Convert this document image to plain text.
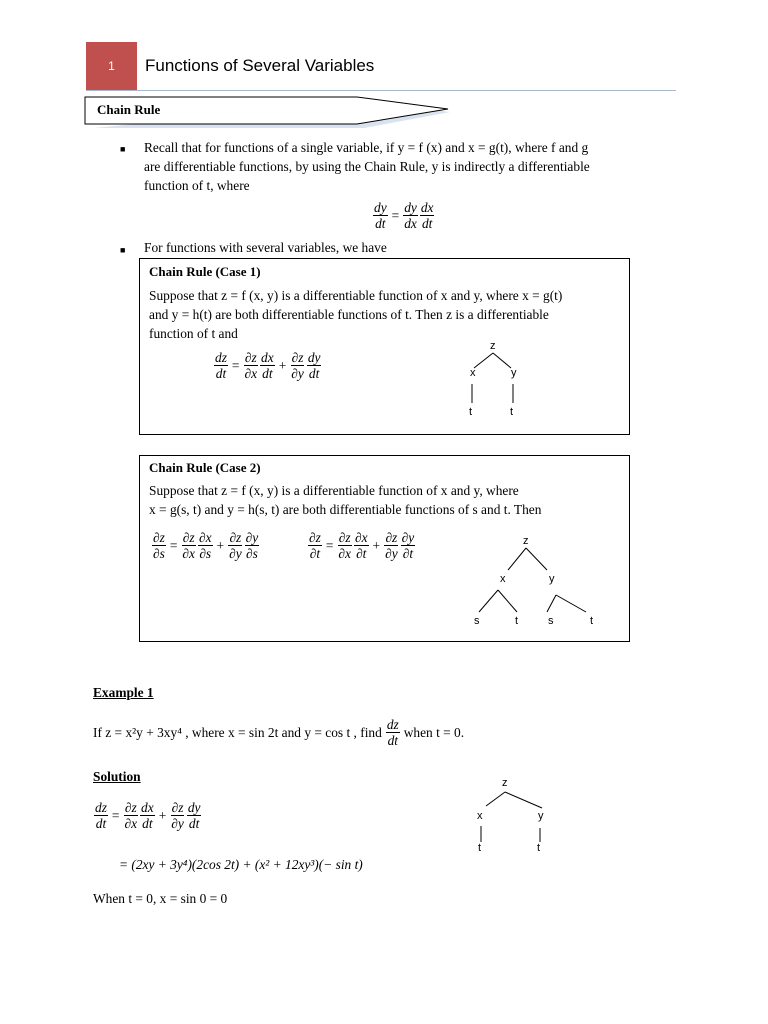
1 Functions of Several Variables
Chain Rule
■ Recall that for functions of a single variable, if y = f (x) and x = g(t), where f and g
are differentiable functions, by using the Chain Rule, y is indirectly a differentiable
function of t, where
$\frac{dy}{dt} = \frac{dy}{dx} \frac{dx}{dt}$
■ For functions with several variables, we have
Chain Rule (Case 1)
Suppose that z = f (x, y) is a differentiable function of x and y, where x = g(t)
and y = h(t) are both differentiable functions of t. Then z is a differentiable
function of t and
$\frac{dz}{dt} = \frac{\partial z}{\partial x} \frac{dx}{dt} + \frac{\partial z}{\partial y} \frac{dy}{dt}$
z
x	y
t	t
Chain Rule (Case 2)
Suppose that z = f (x, y) is a differentiable function of x and y, where
x = g(s, t) and y = h(s, t) are both differentiable functions of s and t. Then
$\frac{\partial z}{\partial s} = \frac{\partial z}{\partial x} \frac{\partial x}{\partial s} + \frac{\partial z}{\partial y} \frac{\partial y}{\partial s}$	$\frac{\partial z}{\partial t} = \frac{\partial z}{\partial x} \frac{\partial x}{\partial t} + \frac{\partial z}{\partial y} \frac{\partial y}{\partial t}$	z
x	y
s	t	s	t
Example 1
If z = x²y + 3xy⁴ , where x = sin 2t and y = cos t , find $\frac{dz}{dt}$ when t = 0.
Solution
$\frac{dz}{dt} = \frac{\partial z}{\partial x} \frac{dx}{dt} + \frac{\partial z}{\partial y} \frac{dy}{dt}$
= (2xy + 3y⁴)(2cos 2t) + (x² + 12xy³)(− sin t)
When t = 0, x = sin 0 = 0
z
x	y
t	t
